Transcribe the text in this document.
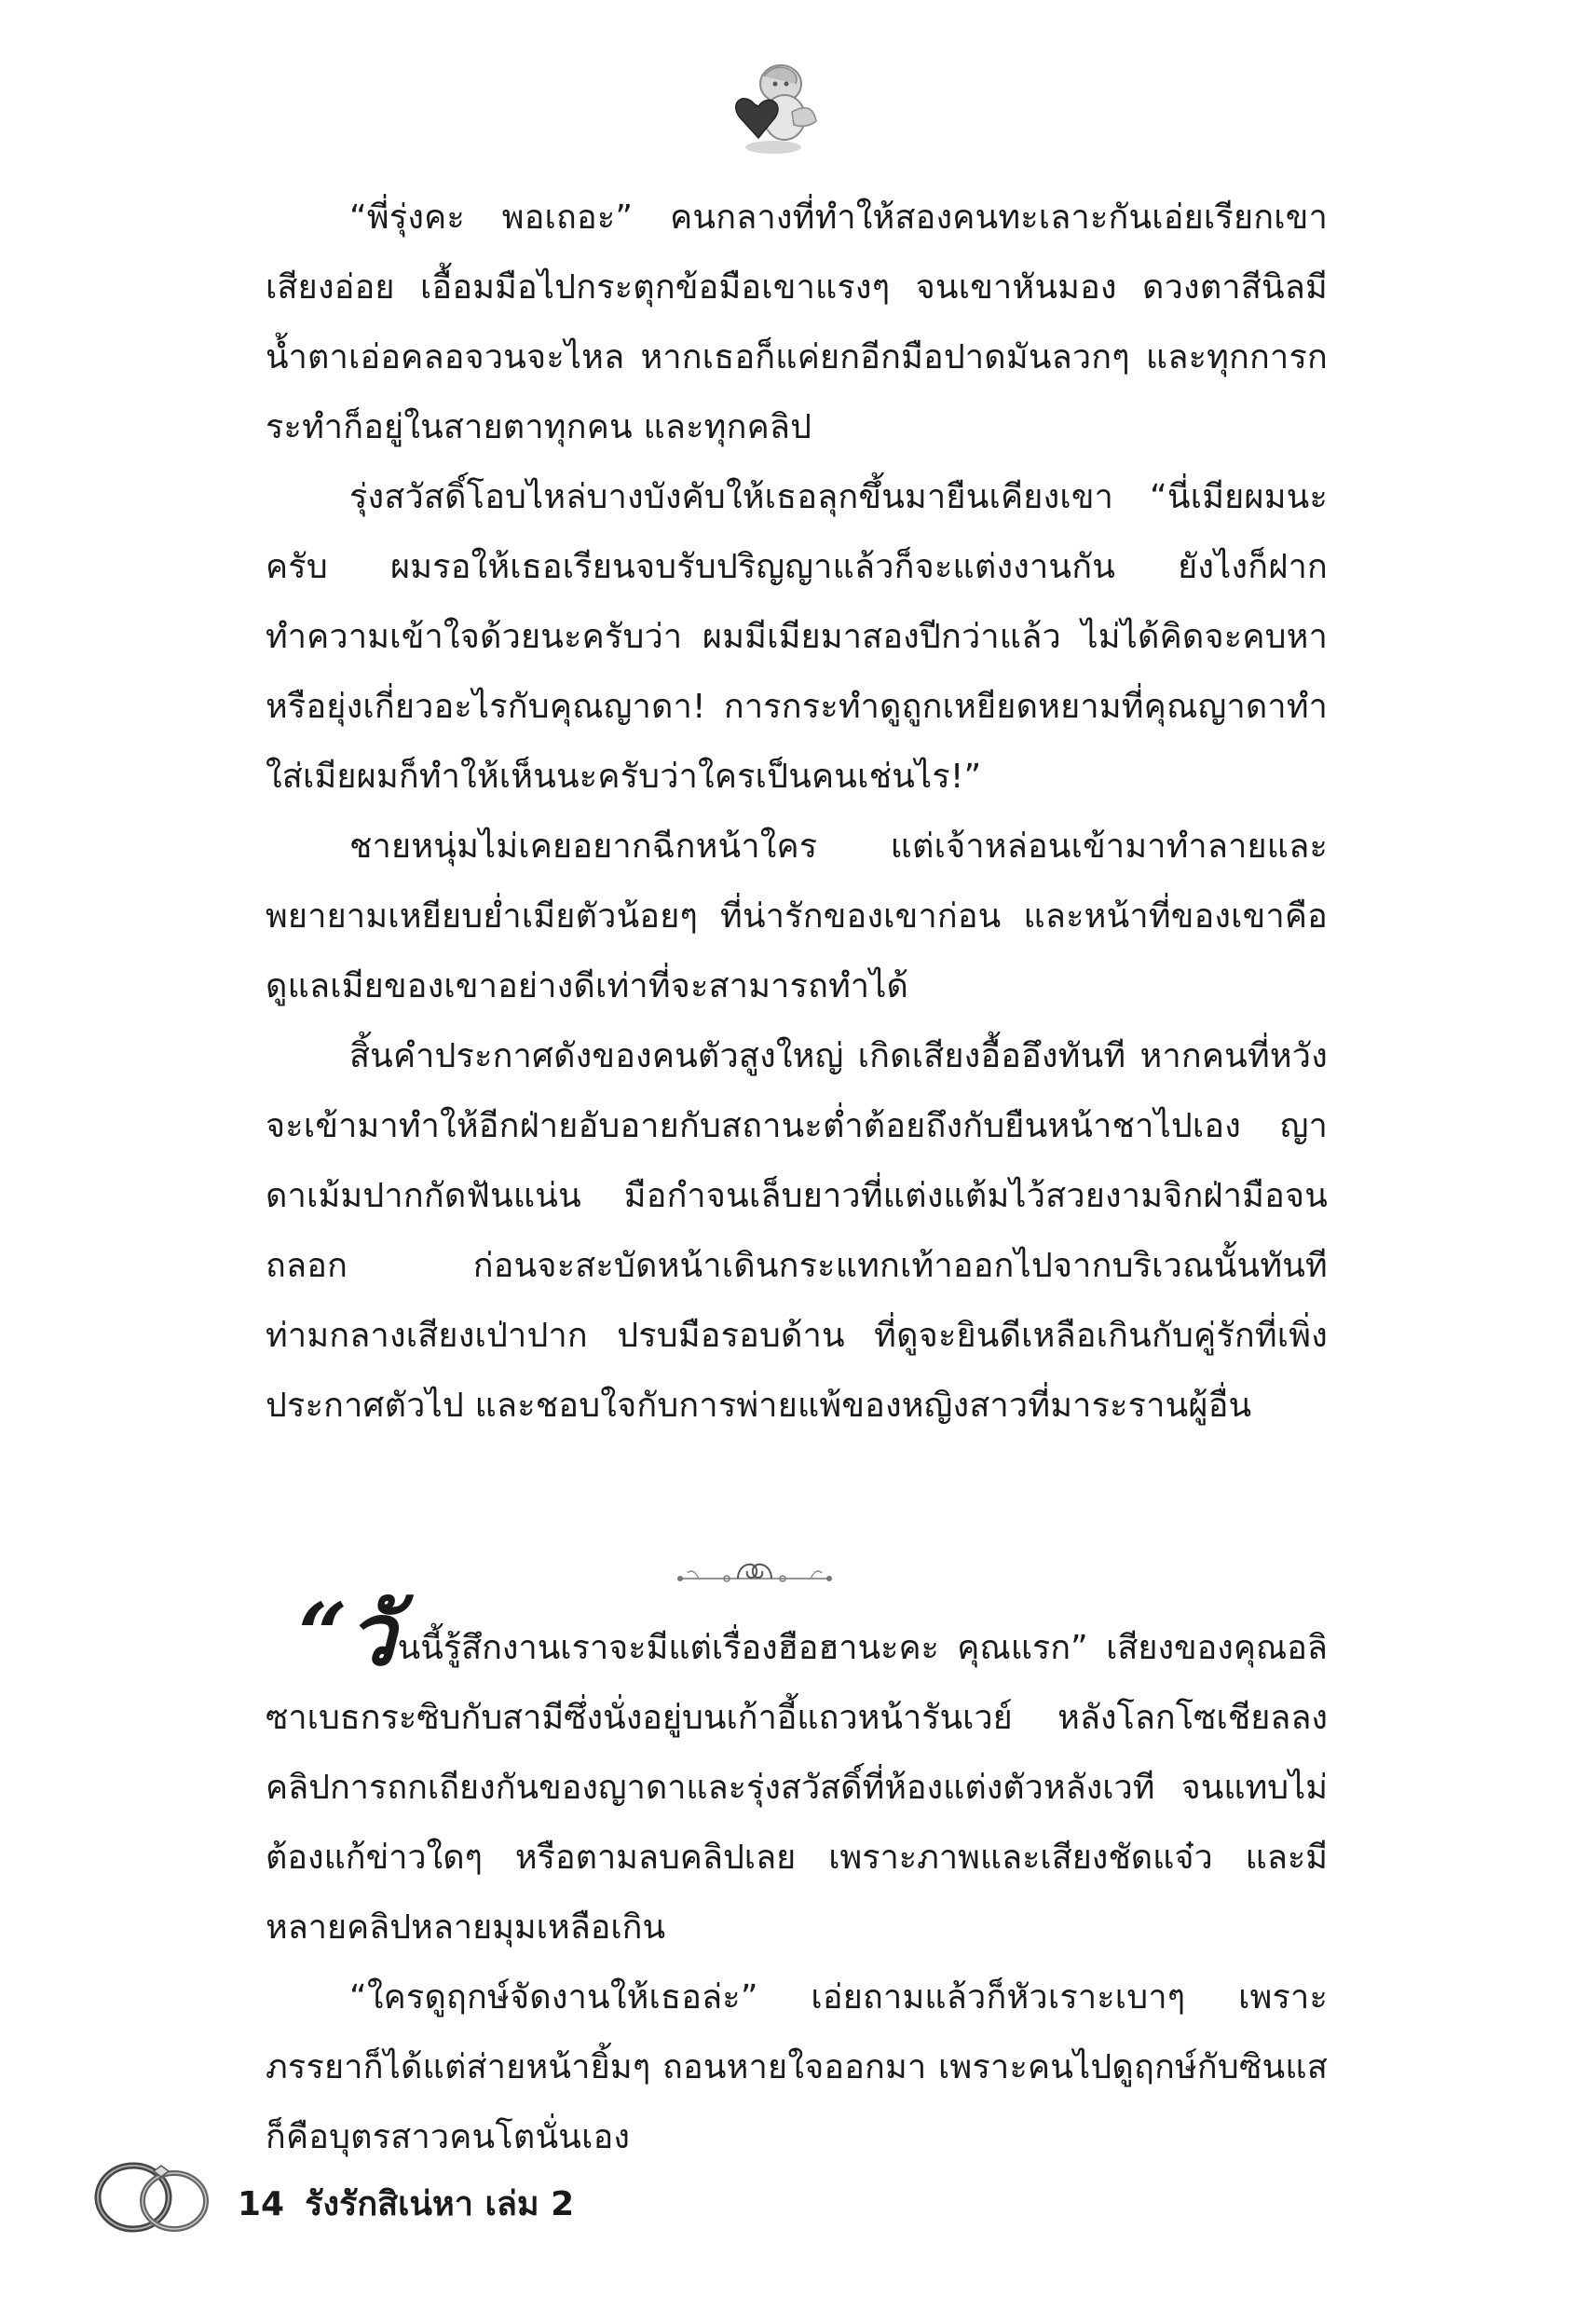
“พี่รุ่งคะ พอเถอะ” คนกลางที่ทำให้สองคนทะเลาะกันเอ่ยเรียกเขาเสียงอ่อย เอื้อมมือไปกระตุกข้อมือเขาแรงๆ จนเขาหันมอง ดวงตาสีนิลมีน้ำตาเอ่อคลอจวนจะไหล หากเธอก็แค่ยกอีกมือปาดมันลวกๆ และทุกการกระทำก็อยู่ในสายตาทุกคน และทุกคลิป

รุ่งสวัสดิ์โอบไหล่บางบังคับให้เธอลุกขึ้นมายืนเคียงเขา “นี่เมียผมนะครับ ผมรอให้เธอเรียนจบรับปริญญาแล้วก็จะแต่งงานกัน ยังไงก็ฝากทำความเข้าใจด้วยนะครับว่า ผมมีเมียมาสองปีกว่าแล้ว ไม่ได้คิดจะคบหาหรือยุ่งเกี่ยวอะไรกับคุณญาดา! การกระทำดูถูกเหยียดหยามที่คุณญาดาทำใส่เมียผมก็ทำให้เห็นนะครับว่าใครเป็นคนเช่นไร!”

ชายหนุ่มไม่เคยอยากฉีกหน้าใคร แต่เจ้าหล่อนเข้ามาทำลายและพยายามเหยียบย่ำเมียตัวน้อยๆ ที่น่ารักของเขาก่อน และหน้าที่ของเขาคือดูแลเมียของเขาอย่างดีเท่าที่จะสามารถทำได้

สิ้นคำประกาศดังของคนตัวสูงใหญ่ เกิดเสียงอื้ออึงทันที หากคนที่หวังจะเข้ามาทำให้อีกฝ่ายอับอายกับสถานะต่ำต้อยถึงกับยืนหน้าชาไปเอง ญาดาเม้มปากกัดฟันแน่น มือกำจนเล็บยาวที่แต่งแต้มไว้สวยงามจิกฝ่ามือจนถลอก ก่อนจะสะบัดหน้าเดินกระแทกเท้าออกไปจากบริเวณนั้นทันที ท่ามกลางเสียงเป่าปาก ปรบมือรอบด้าน ที่ดูจะยินดีเหลือเกินกับคู่รักที่เพิ่งประกาศตัวไป และชอบใจกับการพ่ายแพ้ของหญิงสาวที่มาระรานผู้อื่น

“วันนี้รู้สึกงานเราจะมีแต่เรื่องฮือฮานะคะ คุณแรก” เสียงของคุณอลิซาเบธกระซิบกับสามีซึ่งนั่งอยู่บนเก้าอี้แถวหน้ารันเวย์ หลังโลกโซเชียลลงคลิปการถกเถียงกันของญาดาและรุ่งสวัสดิ์ที่ห้องแต่งตัวหลังเวที จนแทบไม่ต้องแก้ข่าวใดๆ หรือตามลบคลิปเลย เพราะภาพและเสียงชัดแจ๋ว และมีหลายคลิปหลายมุมเหลือเกิน

“ใครดูฤกษ์จัดงานให้เธอล่ะ” เอ่ยถามแล้วก็หัวเราะเบาๆ เพราะภรรยาก็ได้แต่ส่ายหน้ายิ้มๆ ถอนหายใจออกมา เพราะคนไปดูฤกษ์กับซินแสก็คือบุตรสาวคนโตนั่นเอง

14 รังรักสิเน่หา เล่ม 2
